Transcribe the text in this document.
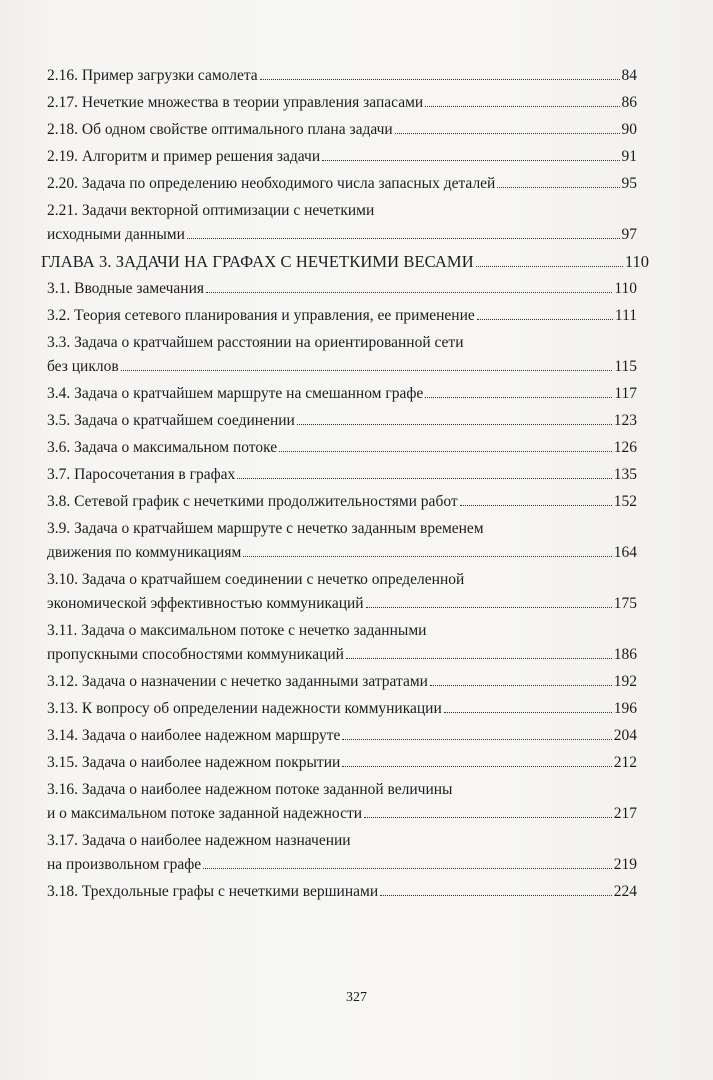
2.16. Пример загрузки самолета	84
2.17. Нечеткие множества в теории управления запасами	86
2.18. Об одном свойстве оптимального плана задачи	90
2.19. Алгоритм и пример решения задачи	91
2.20. Задача по определению необходимого числа запасных деталей	95
2.21. Задачи векторной оптимизации с нечеткими
исходными данными	97
ГЛАВА 3. ЗАДАЧИ НА ГРАФАХ С НЕЧЕТКИМИ ВЕСАМИ	110
3.1. Вводные замечания	110
3.2. Теория сетевого планирования и управления, ее применение	111
3.3. Задача о кратчайшем расстоянии на ориентированной сети
без циклов	115
3.4. Задача о кратчайшем маршруте на смешанном графе	117
3.5. Задача о кратчайшем соединении	123
3.6. Задача о максимальном потоке	126
3.7. Паросочетания в графах	135
3.8. Сетевой график с нечеткими продолжительностями работ	152
3.9. Задача о кратчайшем маршруте с нечетко заданным временем
движения по коммуникациям	164
3.10. Задача о кратчайшем соединении с нечетко определенной
экономической эффективностью коммуникаций	175
3.11. Задача о максимальном потоке с нечетко заданными
пропускными способностями коммуникаций	186
3.12. Задача о назначении с нечетко заданными затратами	192
3.13. К вопросу об определении надежности коммуникации	196
3.14. Задача о наиболее надежном маршруте	204
3.15. Задача о наиболее надежном покрытии	212
3.16. Задача о наиболее надежном потоке заданной величины
и о максимальном потоке заданной надежности	217
3.17. Задача о наиболее надежном назначении
на произвольном графе	219
3.18. Трехдольные графы с нечеткими вершинами	224
327
